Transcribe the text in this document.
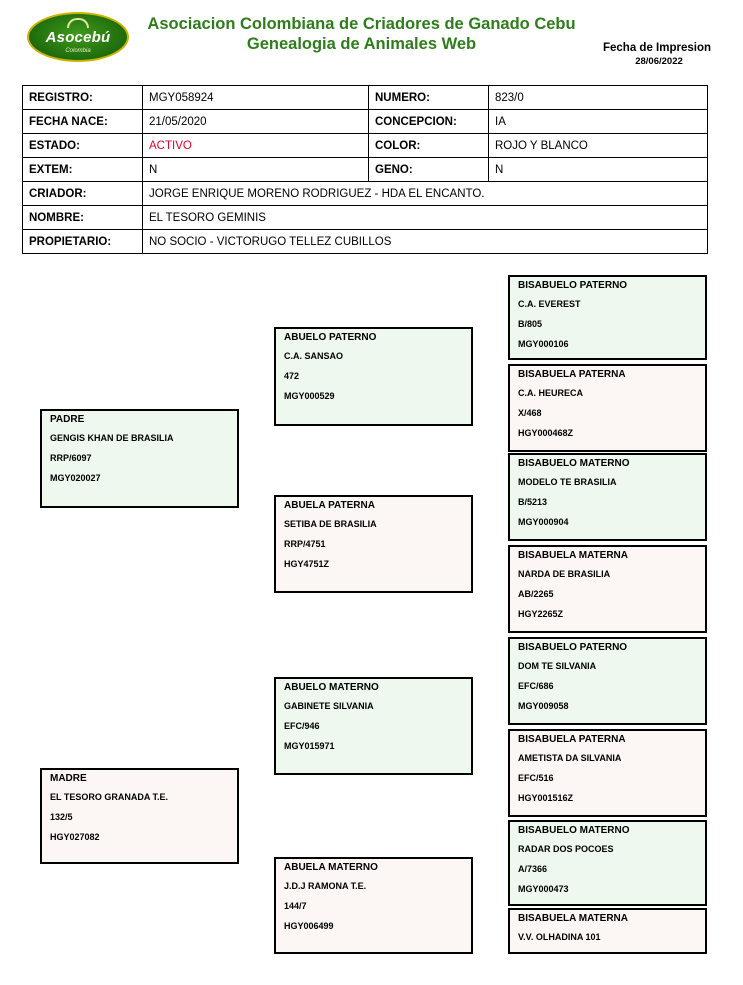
Asocebú
Colombia
Asociacion Colombiana de Criadores de Ganado Cebu
Genealogia de Animales Web	Fecha de Impresion
28/06/2022
REGISTRO:	MGY058924	NUMERO:	823/0
FECHA NACE:	21/05/2020	CONCEPCION:	IA
ESTADO:	ACTIVO	COLOR:	ROJO Y BLANCO
EXTEM:	N	GENO:	N
CRIADOR:	JORGE ENRIQUE MORENO RODRIGUEZ - HDA EL ENCANTO.		
NOMBRE:	EL TESORO GEMINIS		
PROPIETARIO:	NO SOCIO - VICTORUGO TELLEZ CUBILLOS		
PADRE
GENGIS KHAN DE BRASILIA
RRP/6097
MGY020027
MADRE
EL TESORO GRANADA T.E.
132/5
HGY027082
ABUELO PATERNO
C.A. SANSAO
472
MGY000529
ABUELA PATERNA
SETIBA DE BRASILIA
RRP/4751
HGY4751Z
ABUELO MATERNO
GABINETE SILVANIA
EFC/946
MGY015971
ABUELA MATERNO
J.D.J RAMONA T.E.
144/7
HGY006499
BISABUELO PATERNO
C.A. EVEREST
B/805
MGY000106
BISABUELA PATERNA
C.A. HEURECA
X/468
HGY000468Z
BISABUELO MATERNO
MODELO TE BRASILIA
B/5213
MGY000904
BISABUELA MATERNA
NARDA DE BRASILIA
AB/2265
HGY2265Z
BISABUELO PATERNO
DOM TE SILVANIA
EFC/686
MGY009058
BISABUELA PATERNA
AMETISTA DA SILVANIA
EFC/516
HGY001516Z
BISABUELO MATERNO
RADAR DOS POCOES
A/7366
MGY000473
BISABUELA MATERNA
V.V. OLHADINA 101
